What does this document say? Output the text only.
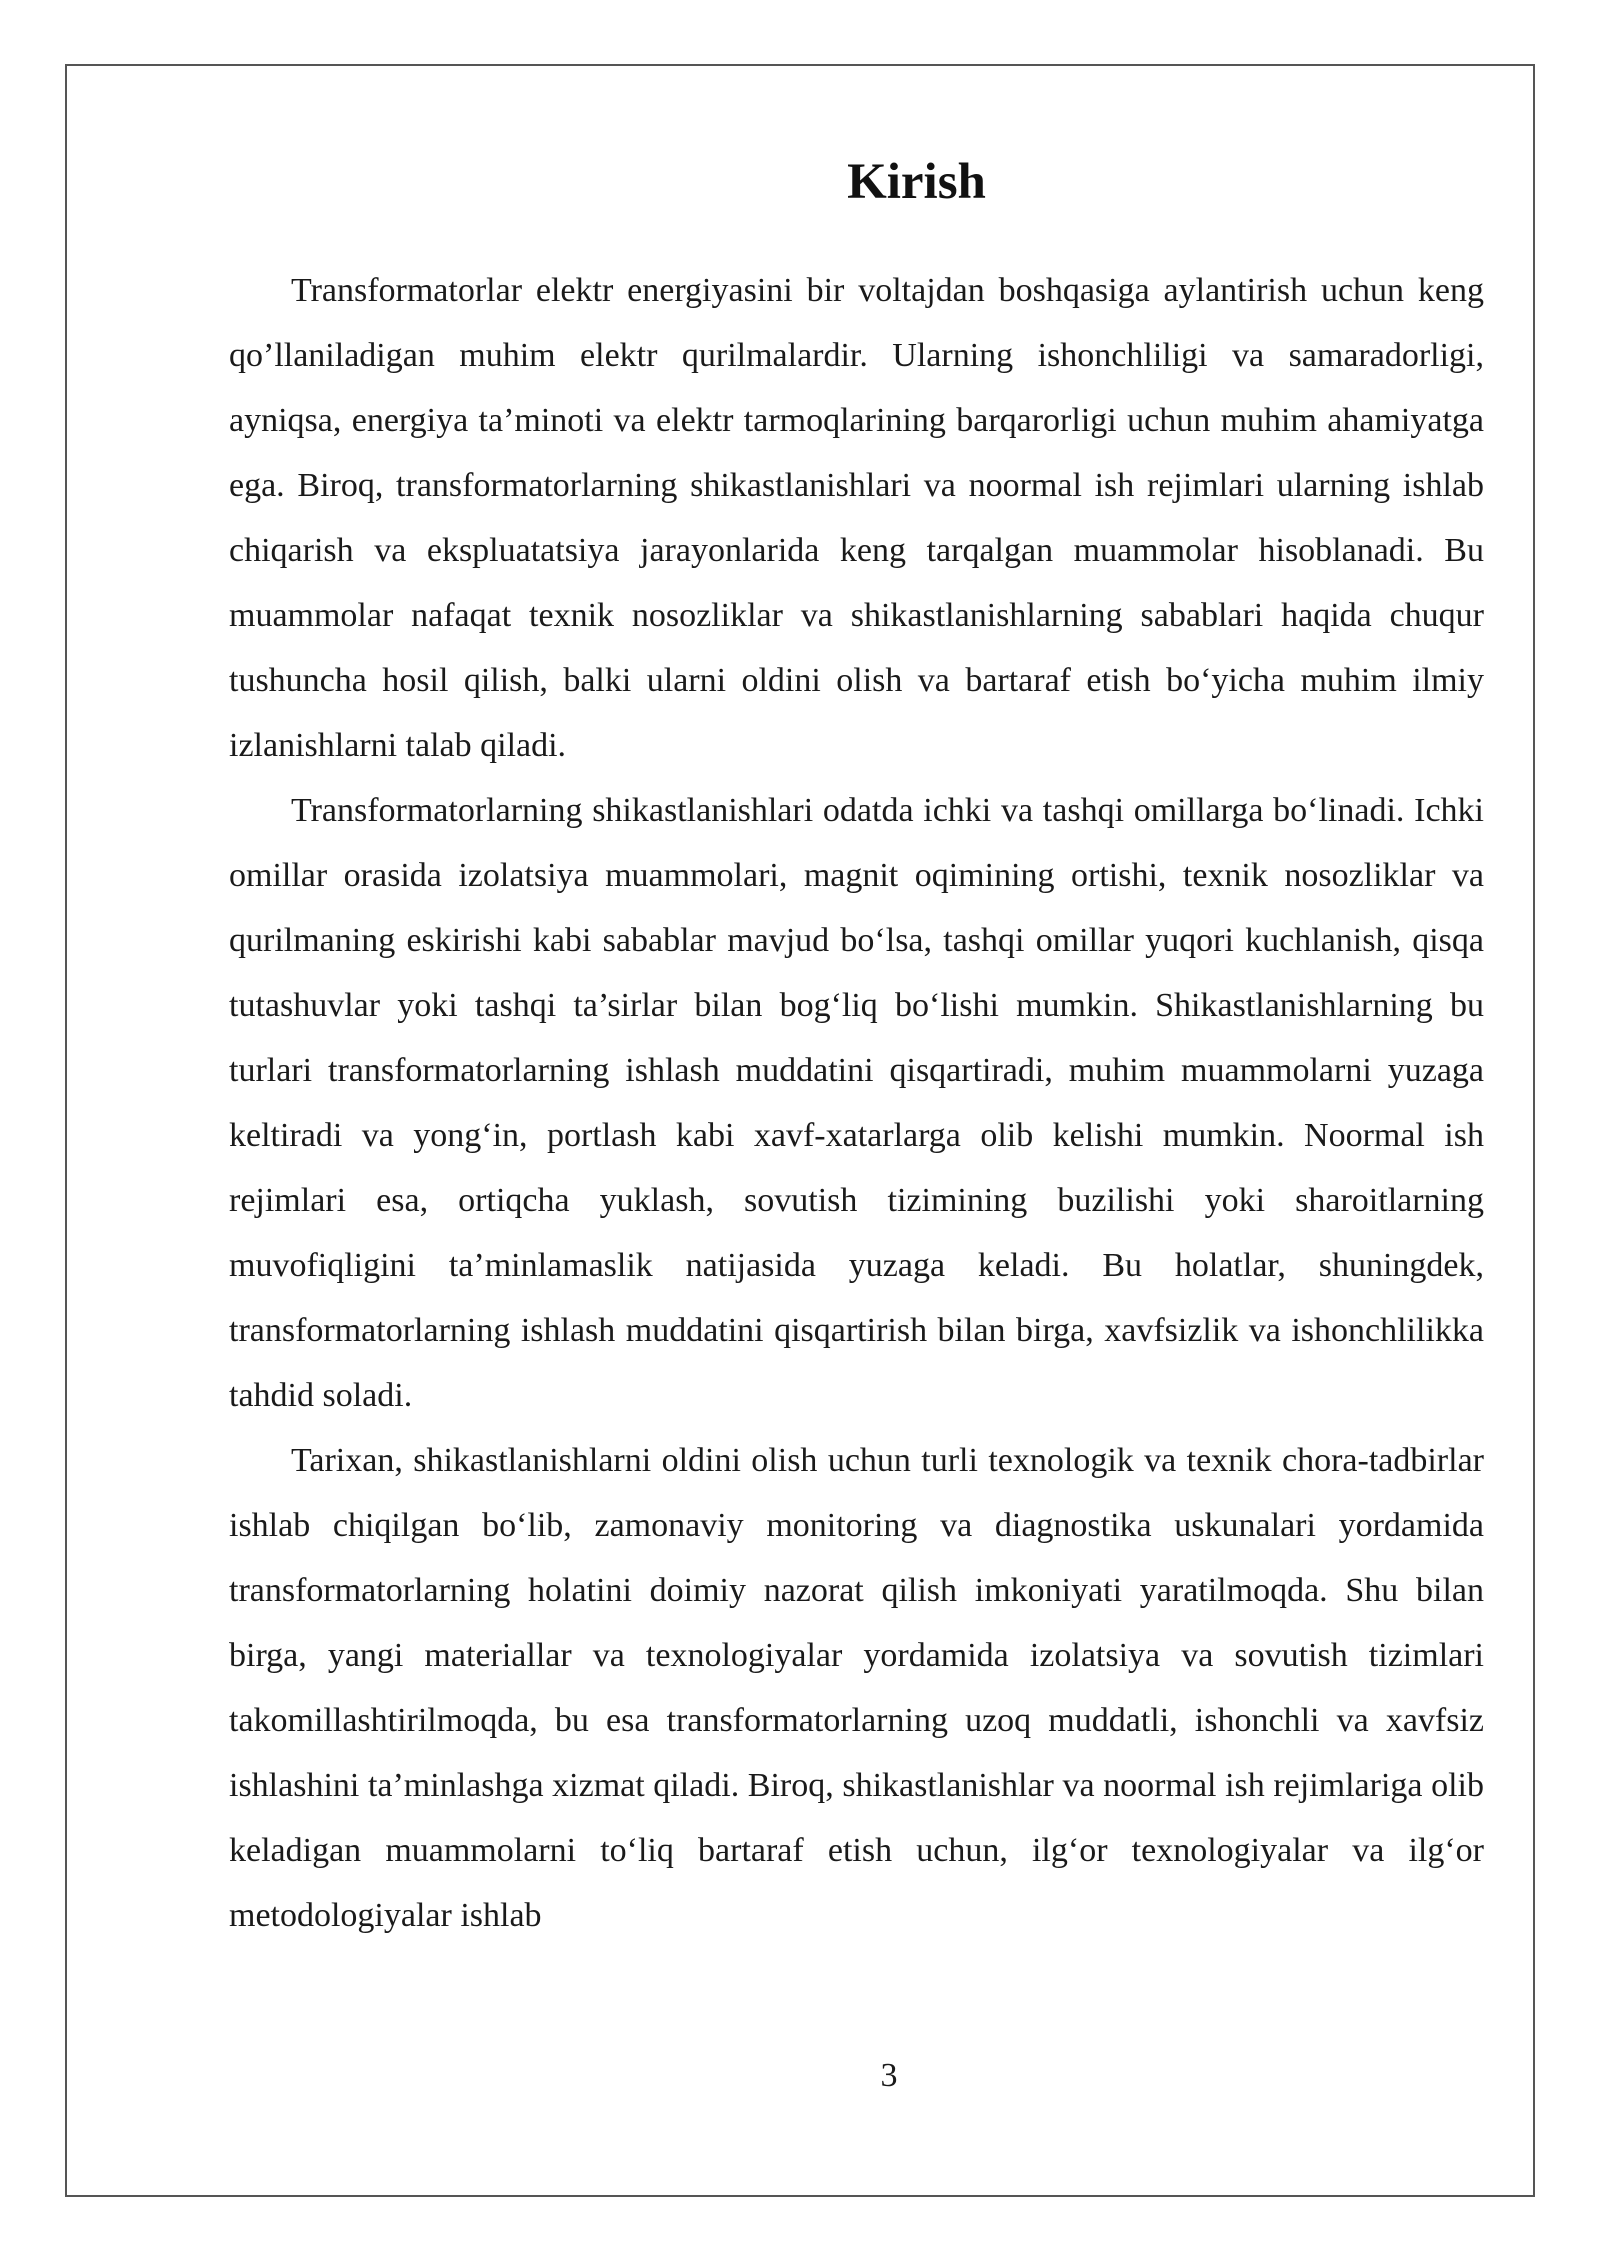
Kirish

Transformatorlar elektr energiyasini bir voltajdan boshqasiga aylantirish uchun keng qo’llaniladigan muhim elektr qurilmalardir. Ularning ishonchliligi va samaradorligi, ayniqsa, energiya ta’minoti va elektr tarmoqlarining barqarorligi uchun muhim ahamiyatga ega. Biroq, transformatorlarning shikastlanishlari va noormal ish rejimlari ularning ishlab chiqarish va ekspluatatsiya jarayonlarida keng tarqalgan muammolar hisoblanadi. Bu muammolar nafaqat texnik nosozliklar va shikastlanishlarning sabablari haqida chuqur tushuncha hosil qilish, balki ularni oldini olish va bartaraf etish bo‘yicha muhim ilmiy izlanishlarni talab qiladi.

Transformatorlarning shikastlanishlari odatda ichki va tashqi omillarga bo‘linadi. Ichki omillar orasida izolatsiya muammolari, magnit oqimining ortishi, texnik nosozliklar va qurilmaning eskirishi kabi sabablar mavjud bo‘lsa, tashqi omillar yuqori kuchlanish, qisqa tutashuvlar yoki tashqi ta’sirlar bilan bog‘liq bo‘lishi mumkin. Shikastlanishlarning bu turlari transformatorlarning ishlash muddatini qisqartiradi, muhim muammolarni yuzaga keltiradi va yong‘in, portlash kabi xavf-xatarlarga olib kelishi mumkin. Noormal ish rejimlari esa, ortiqcha yuklash, sovutish tizimining buzilishi yoki sharoitlarning muvofiqligini ta’minlamaslik natijasida yuzaga keladi. Bu holatlar, shuningdek, transformatorlarning ishlash muddatini qisqartirish bilan birga, xavfsizlik va ishonchlilikka tahdid soladi.

Tarixan, shikastlanishlarni oldini olish uchun turli texnologik va texnik chora-tadbirlar ishlab chiqilgan bo‘lib, zamonaviy monitoring va diagnostika uskunalari yordamida transformatorlarning holatini doimiy nazorat qilish imkoniyati yaratilmoqda. Shu bilan birga, yangi materiallar va texnologiyalar yordamida izolatsiya va sovutish tizimlari takomillashtirilmoqda, bu esa transformatorlarning uzoq muddatli, ishonchli va xavfsiz ishlashini ta’minlashga xizmat qiladi. Biroq, shikastlanishlar va noormal ish rejimlariga olib keladigan muammolarni to‘liq bartaraf etish uchun, ilg‘or texnologiyalar va ilg‘or metodologiyalar ishlab

3
